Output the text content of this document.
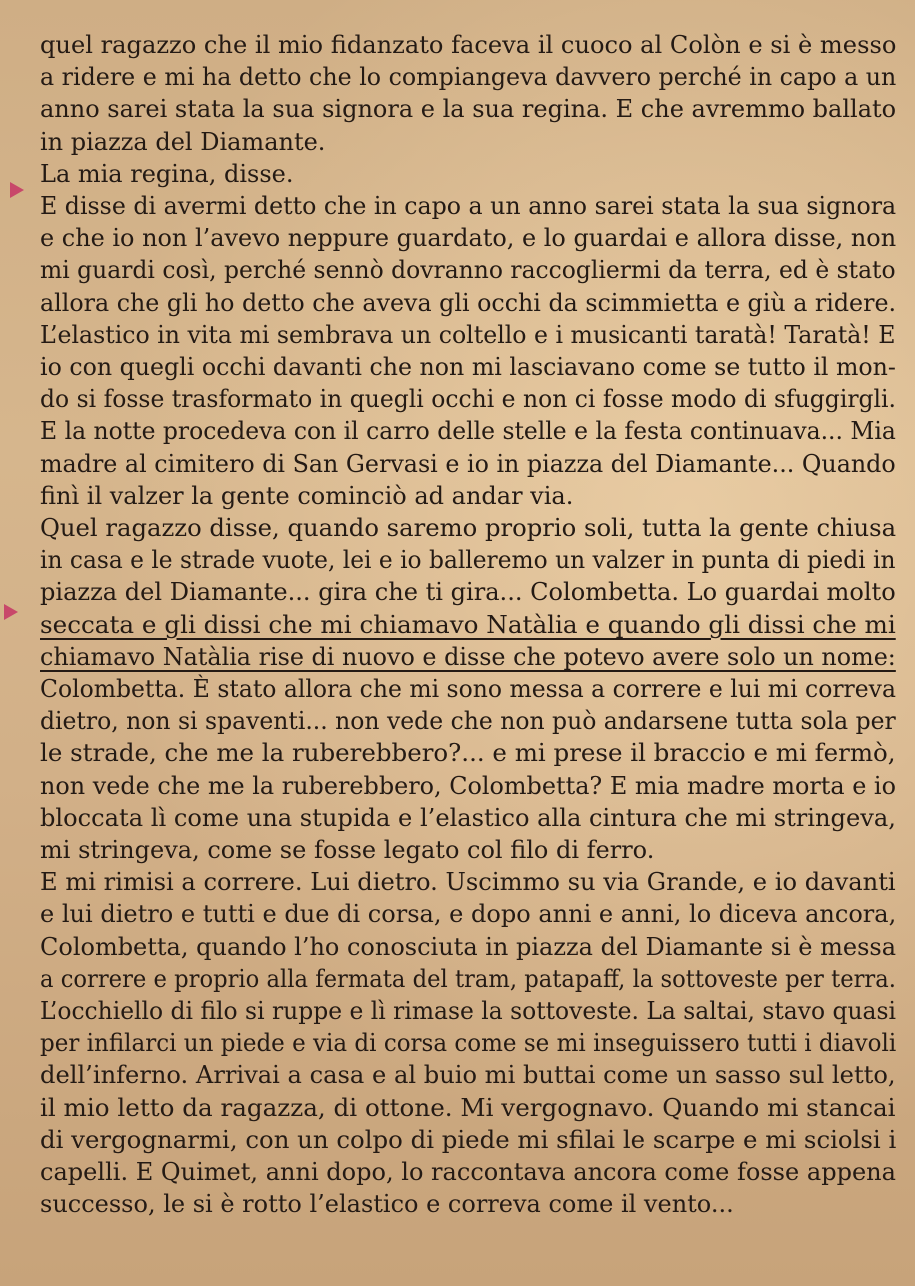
quel ragazzo che il mio fidanzato faceva il cuoco al Colòn e si è messo
a ridere e mi ha detto che lo compiangeva davvero perché in capo a un
anno sarei stata la sua signora e la sua regina. E che avremmo ballato
in piazza del Diamante.
La mia regina, disse.
E disse di avermi detto che in capo a un anno sarei stata la sua signora
e che io non l’avevo neppure guardato, e lo guardai e allora disse, non
mi guardi così, perché sennò dovranno raccogliermi da terra, ed è stato
allora che gli ho detto che aveva gli occhi da scimmietta e giù a ridere.
L’elastico in vita mi sembrava un coltello e i musicanti taratà! Taratà! E
io con quegli occhi davanti che non mi lasciavano come se tutto il mon-
do si fosse trasformato in quegli occhi e non ci fosse modo di sfuggirgli.
E la notte procedeva con il carro delle stelle e la festa continuava... Mia
madre al cimitero di San Gervasi e io in piazza del Diamante... Quando
finì il valzer la gente cominciò ad andar via.
Quel ragazzo disse, quando saremo proprio soli, tutta la gente chiusa
in casa e le strade vuote, lei e io balleremo un valzer in punta di piedi in
piazza del Diamante... gira che ti gira... Colombetta. Lo guardai molto
seccata e gli dissi che mi chiamavo Natàlia e quando gli dissi che mi
chiamavo Natàlia rise di nuovo e disse che potevo avere solo un nome:
Colombetta. È stato allora che mi sono messa a correre e lui mi correva
dietro, non si spaventi... non vede che non può andarsene tutta sola per
le strade, che me la ruberebbero?... e mi prese il braccio e mi fermò,
non vede che me la ruberebbero, Colombetta? E mia madre morta e io
bloccata lì come una stupida e l’elastico alla cintura che mi stringeva,
mi stringeva, come se fosse legato col filo di ferro.
E mi rimisi a correre. Lui dietro. Uscimmo su via Grande, e io davanti
e lui dietro e tutti e due di corsa, e dopo anni e anni, lo diceva ancora,
Colombetta, quando l’ho conosciuta in piazza del Diamante si è messa
a correre e proprio alla fermata del tram, patapaff, la sottoveste per terra.
L’occhiello di filo si ruppe e lì rimase la sottoveste. La saltai, stavo quasi
per infilarci un piede e via di corsa come se mi inseguissero tutti i diavoli
dell’inferno. Arrivai a casa e al buio mi buttai come un sasso sul letto,
il mio letto da ragazza, di ottone. Mi vergognavo. Quando mi stancai
di vergognarmi, con un colpo di piede mi sfilai le scarpe e mi sciolsi i
capelli. E Quimet, anni dopo, lo raccontava ancora come fosse appena
successo, le si è rotto l’elastico e correva come il vento...
